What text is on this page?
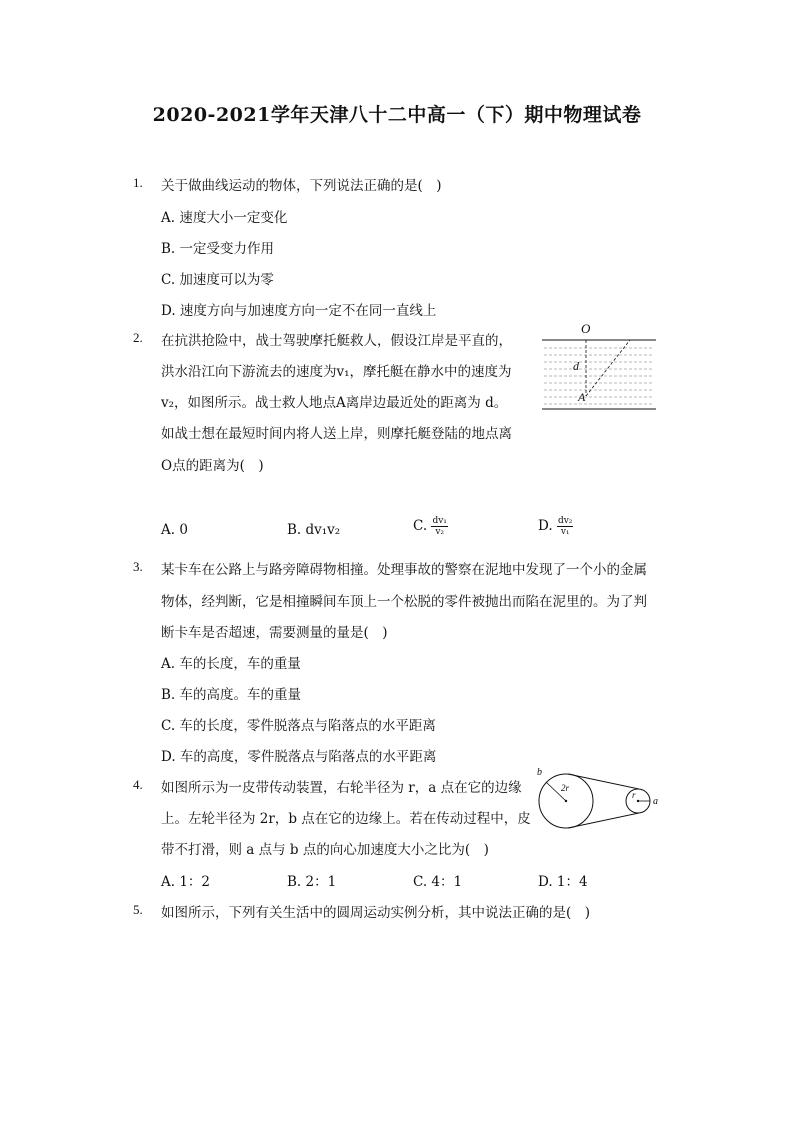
2020-2021学年天津八十二中高一（下）期中物理试卷
1. 关于做曲线运动的物体，下列说法正确的是(　)
A. 速度大小一定变化
B. 一定受变力作用
C. 加速度可以为零
D. 速度方向与加速度方向一定不在同一直线上
2. 在抗洪抢险中，战士驾驶摩托艇救人，假设江岸是平直的，
洪水沿江向下游流去的速度为v₁，摩托艇在静水中的速度为
v₂，如图所示。战士救人地点A离岸边最近处的距离为 d。
如战士想在最短时间内将人送上岸，则摩托艇登陆的地点离
O点的距离为(　)
O
d
A
A. 0	B. dv₁v₂	C. $\frac{\text{dv₁}}{\text{v₂}}$	D. $\frac{\text{dv₂}}{\text{v₁}}$
3. 某卡车在公路上与路旁障碍物相撞。处理事故的警察在泥地中发现了一个小的金属
物体，经判断，它是相撞瞬间车顶上一个松脱的零件被抛出而陷在泥里的。为了判
断卡车是否超速，需要测量的量是(　)
A. 车的长度，车的重量
B. 车的高度。车的重量
C. 车的长度，零件脱落点与陷落点的水平距离
D. 车的高度，零件脱落点与陷落点的水平距离
4. 如图所示为一皮带传动装置，右轮半径为 r，a 点在它的边缘
上。左轮半径为 2r，b 点在它的边缘上。若在传动过程中，皮
带不打滑，则 a 点与 b 点的向心加速度大小之比为(　)
b
2r
r
a
A. 1：2	B. 2：1	C. 4：1	D. 1：4
5. 如图所示，下列有关生活中的圆周运动实例分析，其中说法正确的是(　)
